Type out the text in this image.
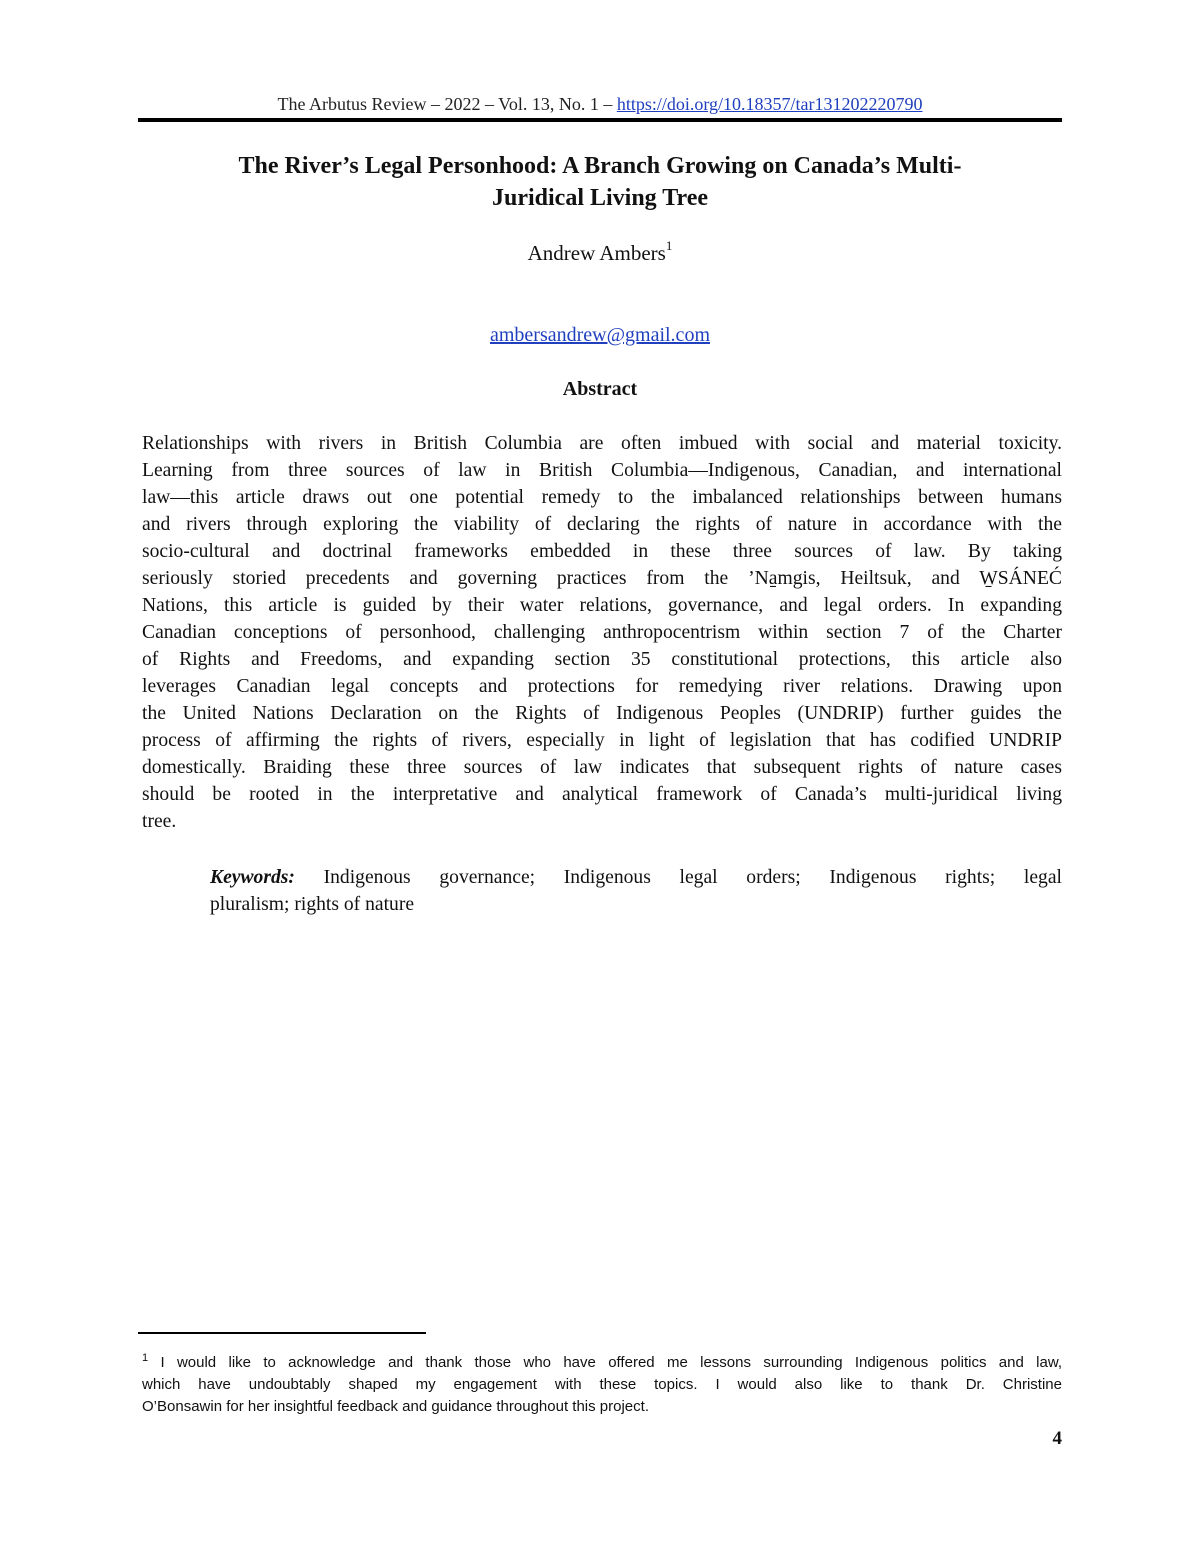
The Arbutus Review – 2022 – Vol. 13, No. 1 – https://doi.org/10.18357/tar131202220790
The River’s Legal Personhood: A Branch Growing on Canada’s Multi-
Juridical Living Tree
Andrew Ambers$^1$
ambersandrew@gmail.com
Abstract

Relationships with rivers in British Columbia are often imbued with social and material toxicity.
Learning from three sources of law in British Columbia—Indigenous, Canadian, and international
law—this article draws out one potential remedy to the imbalanced relationships between humans
and rivers through exploring the viability of declaring the rights of nature in accordance with the
socio-cultural and doctrinal frameworks embedded in these three sources of law. By taking
seriously storied precedents and governing practices from the ’Na̱mgis, Heiltsuk, and W̱SÁNEĆ
Nations, this article is guided by their water relations, governance, and legal orders. In expanding
Canadian conceptions of personhood, challenging anthropocentrism within section 7 of the Charter
of Rights and Freedoms, and expanding section 35 constitutional protections, this article also
leverages Canadian legal concepts and protections for remedying river relations. Drawing upon
the United Nations Declaration on the Rights of Indigenous Peoples (UNDRIP) further guides the
process of affirming the rights of rivers, especially in light of legislation that has codified UNDRIP
domestically. Braiding these three sources of law indicates that subsequent rights of nature cases
should be rooted in the interpretative and analytical framework of Canada’s multi-juridical living
tree.

Keywords: Indigenous governance; Indigenous legal orders; Indigenous rights; legal
pluralism; rights of nature

$^1$ I would like to acknowledge and thank those who have offered me lessons surrounding Indigenous politics and law,
which have undoubtably shaped my engagement with these topics. I would also like to thank Dr. Christine
O’Bonsawin for her insightful feedback and guidance throughout this project.

4
